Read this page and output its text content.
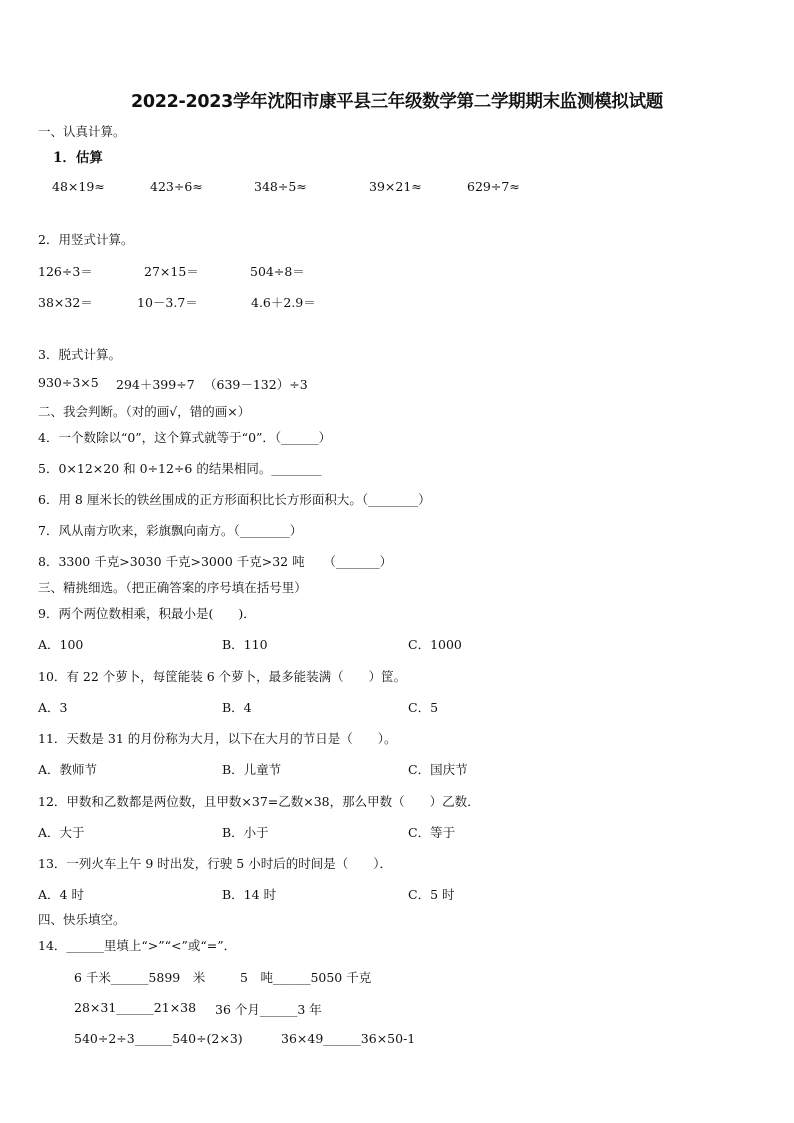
2022-2023学年沈阳市康平县三年级数学第二学期期末监测模拟试题
一、认真计算。
1．估算
48×19≈	423÷6≈	348÷5≈	39×21≈	629÷7≈
2．用竖式计算。
126÷3＝	27×15＝	504÷8＝
38×32＝	10－3.7＝	4.6＋2.9＝
3．脱式计算。
930÷3×5 294＋399÷7 （639－132）÷3
二、我会判断。（对的画√，错的画×）
4．一个数除以“0”，这个算式就等于“0”．（______）
5．0×12×20 和 0÷12÷6 的结果相同。________
6．用 8 厘米长的铁丝围成的正方形面积比长方形面积大。（________）
7．风从南方吹来，彩旗飘向南方。（________）
8．3300 千克>3030 千克>3000 千克>32 吨　　（_______）
三、精挑细选。（把正确答案的序号填在括号里）
9．两个两位数相乘，积最小是(　　)．
A．100	B．110	C．1000
10．有 22 个萝卜，每筐能装 6 个萝卜，最多能装满（　　）筐。
A．3	B．4	C．5
11．天数是 31 的月份称为大月，以下在大月的节日是（　　）。
A．教师节	B．儿童节	C．国庆节
12．甲数和乙数都是两位数，且甲数×37=乙数×38，那么甲数（　　）乙数．
A．大于	B．小于	C．等于
13．一列火车上午 9 时出发，行驶 5 小时后的时间是（　　）．
A．4 时	B．14 时	C．5 时
四、快乐填空。
14．______里填上“>”“<”或“=”．
6 千米______5899　米	5　吨______5050 千克
28×31______21×38 36 个月______3 年
540÷2÷3______540÷(2×3)	36×49______36×50-1
